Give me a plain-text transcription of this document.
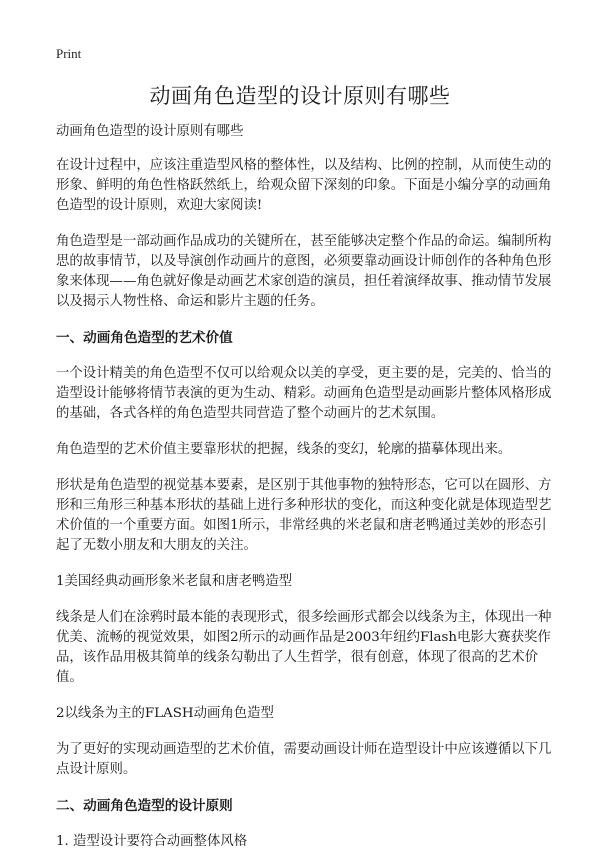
Print
动画角色造型的设计原则有哪些

动画角色造型的设计原则有哪些

在设计过程中，应该注重造型风格的整体性，以及结构、比例的控制，从而使生动的形象、鲜明的角色性格跃然纸上，给观众留下深刻的印象。下面是小编分享的动画角色造型的设计原则，欢迎大家阅读!

角色造型是一部动画作品成功的关键所在，甚至能够决定整个作品的命运。编制所构思的故事情节，以及导演创作动画片的意图，必须要靠动画设计师创作的各种角色形象来体现——角色就好像是动画艺术家创造的演员，担任着演绎故事、推动情节发展以及揭示人物性格、命运和影片主题的任务。

一、动画角色造型的艺术价值

一个设计精美的角色造型不仅可以给观众以美的享受，更主要的是，完美的、恰当的造型设计能够将情节表演的更为生动、精彩。动画角色造型是动画影片整体风格形成的基础，各式各样的角色造型共同营造了整个动画片的艺术氛围。

角色造型的艺术价值主要靠形状的把握，线条的变幻，轮廓的描摹体现出来。

形状是角色造型的视觉基本要素，是区别于其他事物的独特形态，它可以在圆形、方形和三角形三种基本形状的基础上进行多种形状的变化，而这种变化就是体现造型艺术价值的一个重要方面。如图1所示，非常经典的米老鼠和唐老鸭通过美妙的形态引起了无数小朋友和大朋友的关注。

1美国经典动画形象米老鼠和唐老鸭造型

线条是人们在涂鸦时最本能的表现形式，很多绘画形式都会以线条为主，体现出一种优美、流畅的视觉效果，如图2所示的动画作品是2003年纽约Flash电影大赛获奖作品，该作品用极其简单的线条勾勒出了人生哲学，很有创意，体现了很高的艺术价值。

2以线条为主的FLASH动画角色造型

为了更好的实现动画造型的艺术价值，需要动画设计师在造型设计中应该遵循以下几点设计原则。

二、动画角色造型的设计原则

1. 造型设计要符合动画整体风格
